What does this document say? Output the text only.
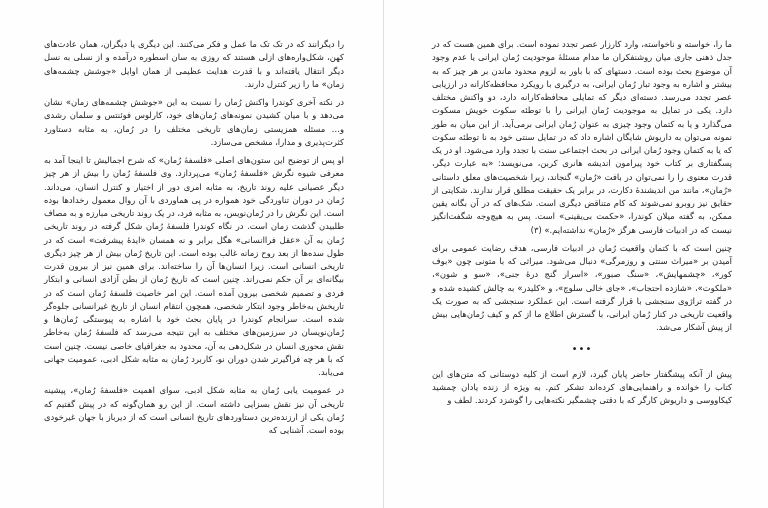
را دیگرانند که در تک تک ما عمل و فکر می‌کنند. این دیگری یا دیگران، همان عادت‌های کهن، شکل‌واره‌های ازلی هستند که روزی به سان اسطوره درآمده و از نسلی به نسل دیگر انتقال یافته‌اند و با قدرت هدایت عظیمی از همان اوایل «جوشش چشمه‌های زمان» ما را زیر کنترل دارند.

در نکته آخری کوندرا واکنش رُمان را نسبت به این «جوشش چشمه‌های زمان» نشان می‌دهد و با میان کشیدن نمونه‌های رُمان‌های خود، کارلوس فوئنتس و سلمان رشدی و… مسئله همزیستی زمان‌های تاریخی مختلف را در رُمان، به مثابه دستاورد کثرت‌پذیری و مدارا، مشخص می‌سازد.

او پس از توضیح این ستون‌های اصلی «فلسفهٔ رُمان» که شرح اجمالیش تا اینجا آمد به معرفی شیوه نگرش «فلسفهٔ رُمان» می‌پردازد. وی فلسفهٔ رُمان را بیش از هر چیز دیگر عصیانی علیه روند تاریخ، به مثابه امری دور از اختیار و کنترل انسان، می‌داند. رُمان در دوران تناوردگی خود همواره در پی هماوردی با آن روال معمول رخدادها بوده است. این نگرش را در رُمان‌نویس، به مثابه فرد، در یک روند تاریخی مبارزه و به مصاف طلبیدن گذشت زمان است. در نگاه کوندرا فلسفهٔ رُمان شکل گرفته در روند تاریخی رُمان به آن «عقل فراانسانی» هگل برابر و نه همسان «ایدهٔ پیشرفت» است که در طول سده‌ها از بعد روح زمانه غالب بوده است. این تاریخ رُمان بیش از هر چیز دیگری تاریخی انسانی است. زیرا انسان‌ها آن را ساخته‌اند. برای همین نیز از بیرون قدرت بیگانه‌ای بر آن حکم نمی‌راند. چنین است که تاریخ رُمان از بطن آزادی انسانی و ابتکار فردی و تصمیم شخصی بیرون آمده است. این امر خاصیت فلسفهٔ رُمان است که در تاریخش به‌خاطر وجود ابتکار شخصی، همچون انتقام انسان از تاریخ غیرانسانی جلوه‌گر شده است. سرانجام کوندرا در پایان بحث خود با اشاره به پیوستگی رُمان‌ها و رُمان‌نویسان در سرزمین‌های مختلف به این نتیجه می‌رسد که فلسفهٔ رُمان به‌خاطر نقش محوری انسان در شکل‌دهی به آن، محدود به جغرافیای خاصی نیست. چنین است که با هر چه فراگیرتر شدن دوران نو، کاربرد رُمان به مثابه شکل ادبی، عمومیت جهانی می‌یابد.

در عمومیت یابی رُمان به مثابه شکل ادبی، سوای اهمیت «فلسفهٔ رُمان»، پیشینه تاریخی آن نیز نقش بسزایی داشته است. از این رو همان‌گونه که در پیش گفتیم که رُمان یکی از ارزنده‌ترین دستاوردهای تاریخ انسانی است که از دیرباز با جهان غیرخودی بوده است. آشنایی که

ما را، خواسته و ناخواسته، وارد کارزار عصر تجدد نموده است. برای همین هست که در جدل ذهنی جاری میان روشنفکران ما مدام مسئلهٔ موجودیت رُمان ایرانی یا عدم وجود آن موضوع بحث بوده است. دستهای که با باور به لزوم محدود ماندن بر هر چیز که به بیشتر و اشاره به وجود تبار رُمان ایرانی، به درگیری با رویکرد محافظه‌کارانه در ارزیابی عصر تجدد می‌رسد. دسته‌ای دیگر که تمایلی محافظه‌کارانه دارد، دو واکنش مختلف دارد. یکی در تمایل به موجودیت رُمان ایرانی را با توطئه سکوت خویش مسکوت می‌گذارد و یا به کتمان وجود چیزی به عنوان رُمان ایرانی برمی‌آید. از این میان به طور نمونه می‌توان به داریوش شایگان اشاره داد که در تمایل سنتی خود به نا توطئه سکوت که یا به کتمان وجود رُمان ایرانی در بحث اجتماعی سنت با تجدد وارد می‌شود. او در یک پسگفتاری بر کتاب خود پیرامون اندیشه هانری کربن، می‌نویسد: «به عبارت دیگر، قدرت معنوی را را نمی‌توان در بافت «رُمان» گنجاند، زیرا شخصیت‌های معلق داستانی «رُمان»، مانند من اندیشندهٔ دکارت، در برابر یک حقیقت مطلق قرار ندارند. شکایتی از حقایق نیز روبرو نمی‌شوند که کام متناقض دیگری است. شک‌های که در آن بگانه یقین ممکن، به گفته میلان کوندرا، «حکمت بی‌یقینی» است. پس به هیچ‌وجه شگفت‌انگیز نیست که در ادبیات فارسی هرگز «رُمان» نداشته‌ایم.» (۳)

چنین است که با کتمان واقعیت رُمان در ادبیات فارسی، هدف رضایت عمومی برای آمیدن بر «میراث سنتی و روزمرگی» دنبال می‌شود. میراثی که با متونی چون «بوف کور»، «چشمهایش»، «سنگ صبور»، «اسرار گنج درهٔ جنی»، «سو و شون»، «ملکوت»، «شازده احتجاب»، «جای خالی سلوچ»، و «کلیدر» به چالش کشیده شده و در گفته تراژوی سنجشی با قرار گرفته است. این عملکرد سنجشی که به صورت یک واقعیت تاریخی در کنار رُمان ایرانی، با گسترش اطلاع ما از کم و کیف رُمان‌هایی بیش از پیش آشکار می‌شد.

•••

پیش از آنکه پیشگفتار حاضر پایان گیرد، لازم است از کلیه دوستانی که متن‌های این کتاب را خوانده و راهنمایی‌های کرده‌اند تشکر کنم. به ویژه از زنده یادان چمشید کیکاووسی و داریوش کارگر که با دقتی چشمگیر نکته‌هایی را گوشزد کردند. لطف و
